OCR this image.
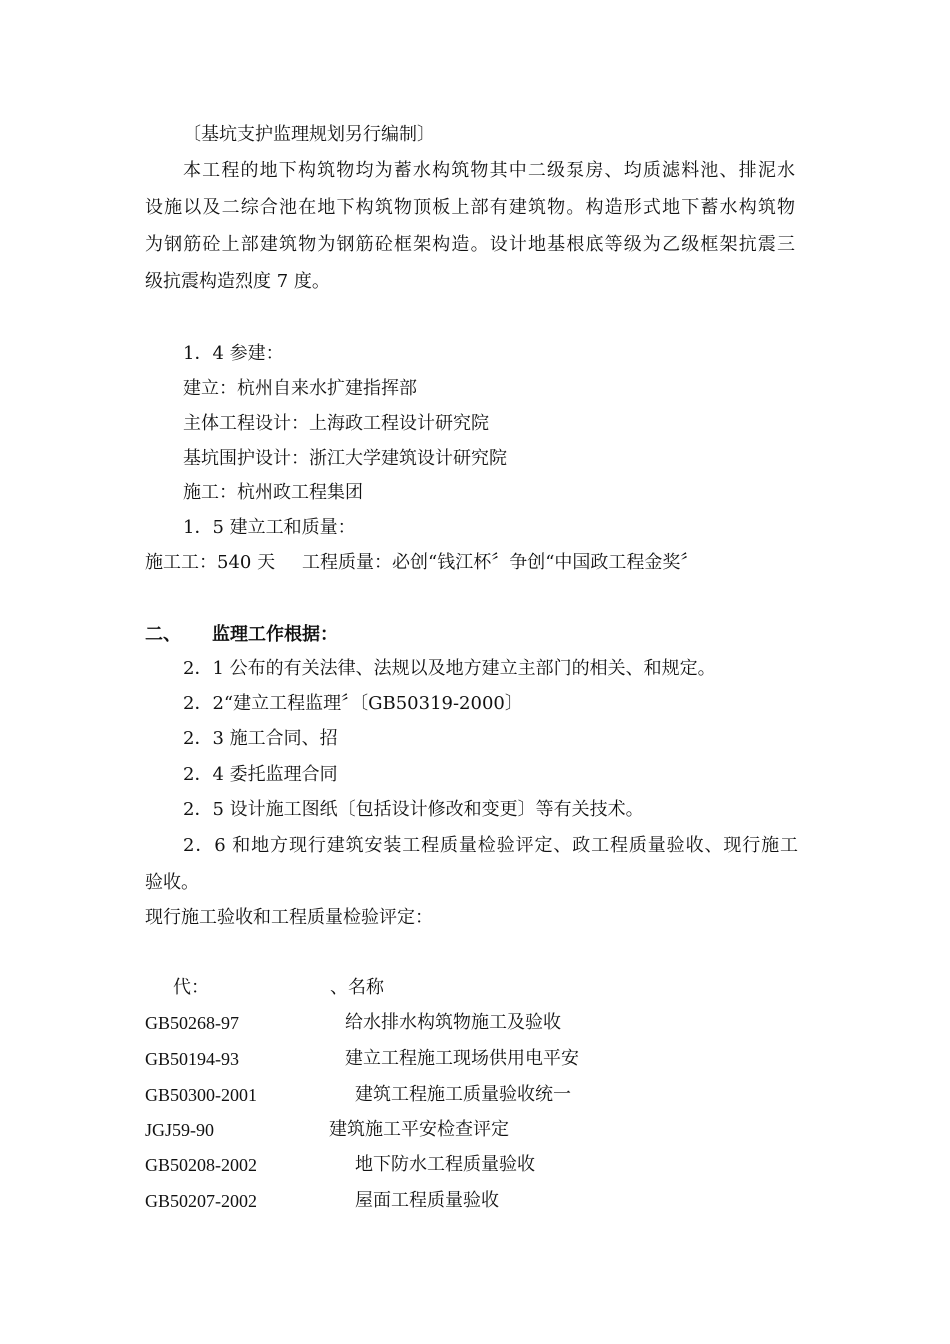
〔基坑支护监理规划另行编制〕
本工程的地下构筑物均为蓄水构筑物其中二级泵房、均质滤料池、排泥水
设施以及二综合池在地下构筑物顶板上部有建筑物。构造形式地下蓄水构筑物
为钢筋砼上部建筑物为钢筋砼框架构造。设计地基根底等级为乙级框架抗震三
级抗震构造烈度 7 度。
1．4 参建：
建立：杭州自来水扩建指挥部
主体工程设计：上海政工程设计研究院
基坑围护设计：浙江大学建筑设计研究院
施工：杭州政工程集团
1．5 建立工和质量：
施工工：540 天 工程质量：必创“钱江杯〞争创“中国政工程金奖〞
二、 监理工作根据：
2．1 公布的有关法律、法规以及地方建立主部门的相关、和规定。
2．2“建立工程监理〞〔GB50319-2000〕
2．3 施工合同、招
2．4 委托监理合同
2．5 设计施工图纸〔包括设计修改和变更〕等有关技术。
2．6 和地方现行建筑安装工程质量检验评定、政工程质量验收、现行施工
验收。
现行施工验收和工程质量检验评定：
代：	、名称
GB50268-97	给水排水构筑物施工及验收
GB50194-93	建立工程施工现场供用电平安
GB50300-2001	建筑工程施工质量验收统一
JGJ59-90	建筑施工平安检查评定
GB50208-2002	地下防水工程质量验收
GB50207-2002	屋面工程质量验收
